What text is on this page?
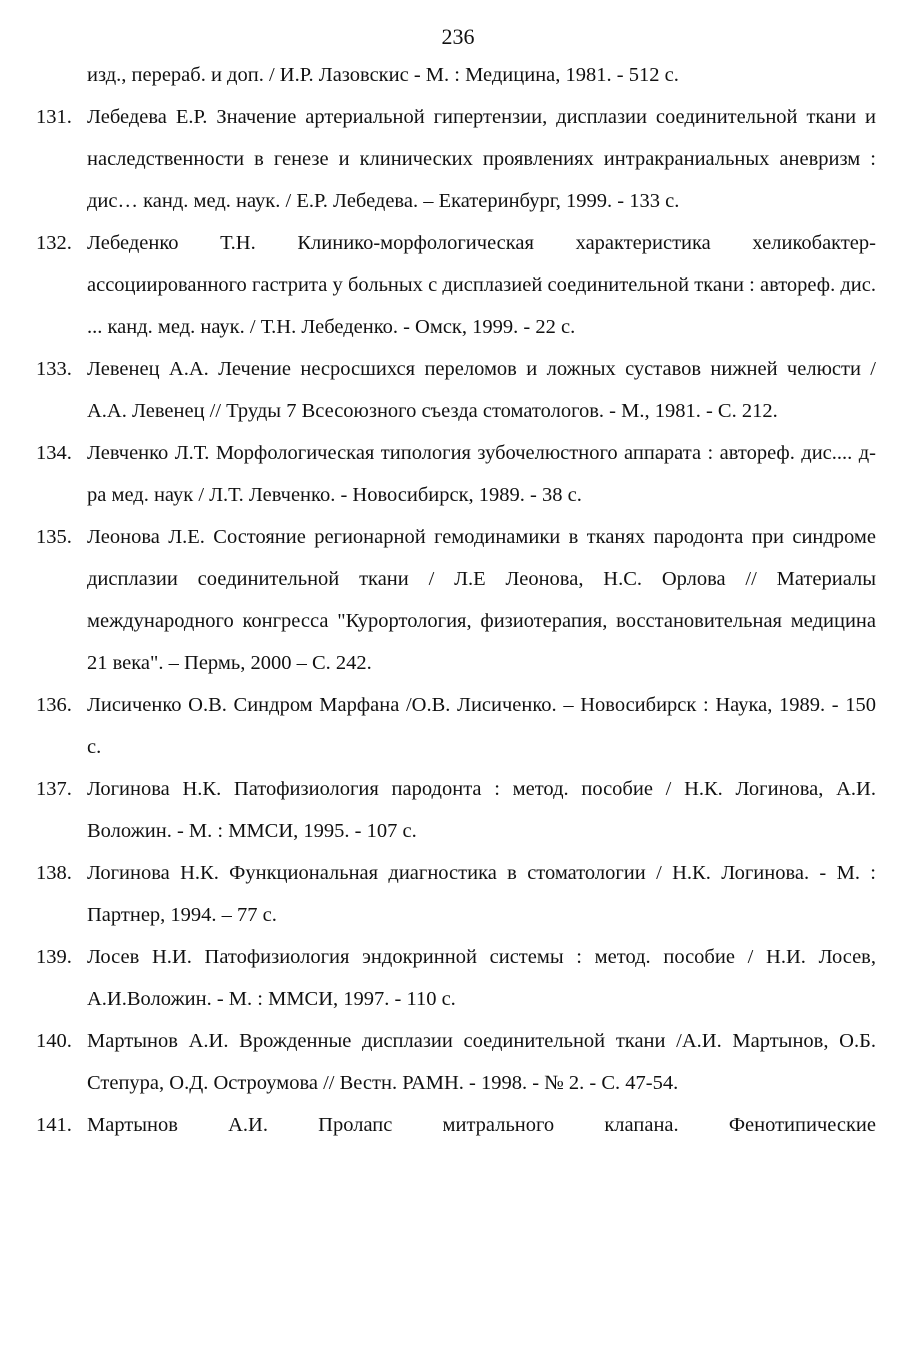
236
изд., перераб. и доп. / И.Р. Лазовскис - М. : Медицина, 1981. - 512 с.
131. Лебедева Е.Р. Значение артериальной гипертензии, дисплазии соединительной ткани и наследственности в генезе и клинических проявлениях интракраниальных аневризм : дис… канд. мед. наук. / Е.Р. Лебедева. – Екатеринбург, 1999. - 133 с.
132. Лебеденко Т.Н. Клинико-морфологическая характеристика хеликобактер-ассоциированного гастрита у больных с дисплазией соединительной ткани : автореф. дис. ... канд. мед. наук. / Т.Н. Лебеденко. - Омск, 1999. - 22 с.
133. Левенец А.А. Лечение несросшихся переломов и ложных суставов нижней челюсти / А.А. Левенец // Труды 7 Всесоюзного съезда стоматологов. - М., 1981. - С. 212.
134. Левченко Л.Т. Морфологическая типология зубочелюстного аппарата : автореф. дис.... д-ра мед. наук / Л.Т. Левченко. - Новосибирск, 1989. - 38 с.
135. Леонова Л.Е. Состояние регионарной гемодинамики в тканях пародонта при синдроме дисплазии соединительной ткани / Л.Е Леонова, Н.С. Орлова // Материалы международного конгресса "Курортология, физиотерапия, восстановительная медицина 21 века". – Пермь, 2000 – С. 242.
136. Лисиченко О.В. Синдром Марфана /О.В. Лисиченко. – Новосибирск : Наука, 1989. - 150 с.
137. Логинова Н.К. Патофизиология пародонта : метод. пособие / Н.К. Логинова, А.И. Воложин. - М. : ММСИ, 1995. - 107 с.
138. Логинова Н.К. Функциональная диагностика в стоматологии / Н.К. Логинова. - М. : Партнер, 1994. – 77 с.
139. Лосев Н.И. Патофизиология эндокринной системы : метод. пособие / Н.И. Лосев, А.И.Воложин. - М. : ММСИ, 1997. - 110 с.
140. Мартынов А.И. Врожденные дисплазии соединительной ткани /А.И. Мартынов, О.Б. Степура, О.Д. Остроумова // Вестн. РАМН. - 1998. - № 2. - С. 47-54.
141. Мартынов А.И. Пролапс митрального клапана. Фенотипические
